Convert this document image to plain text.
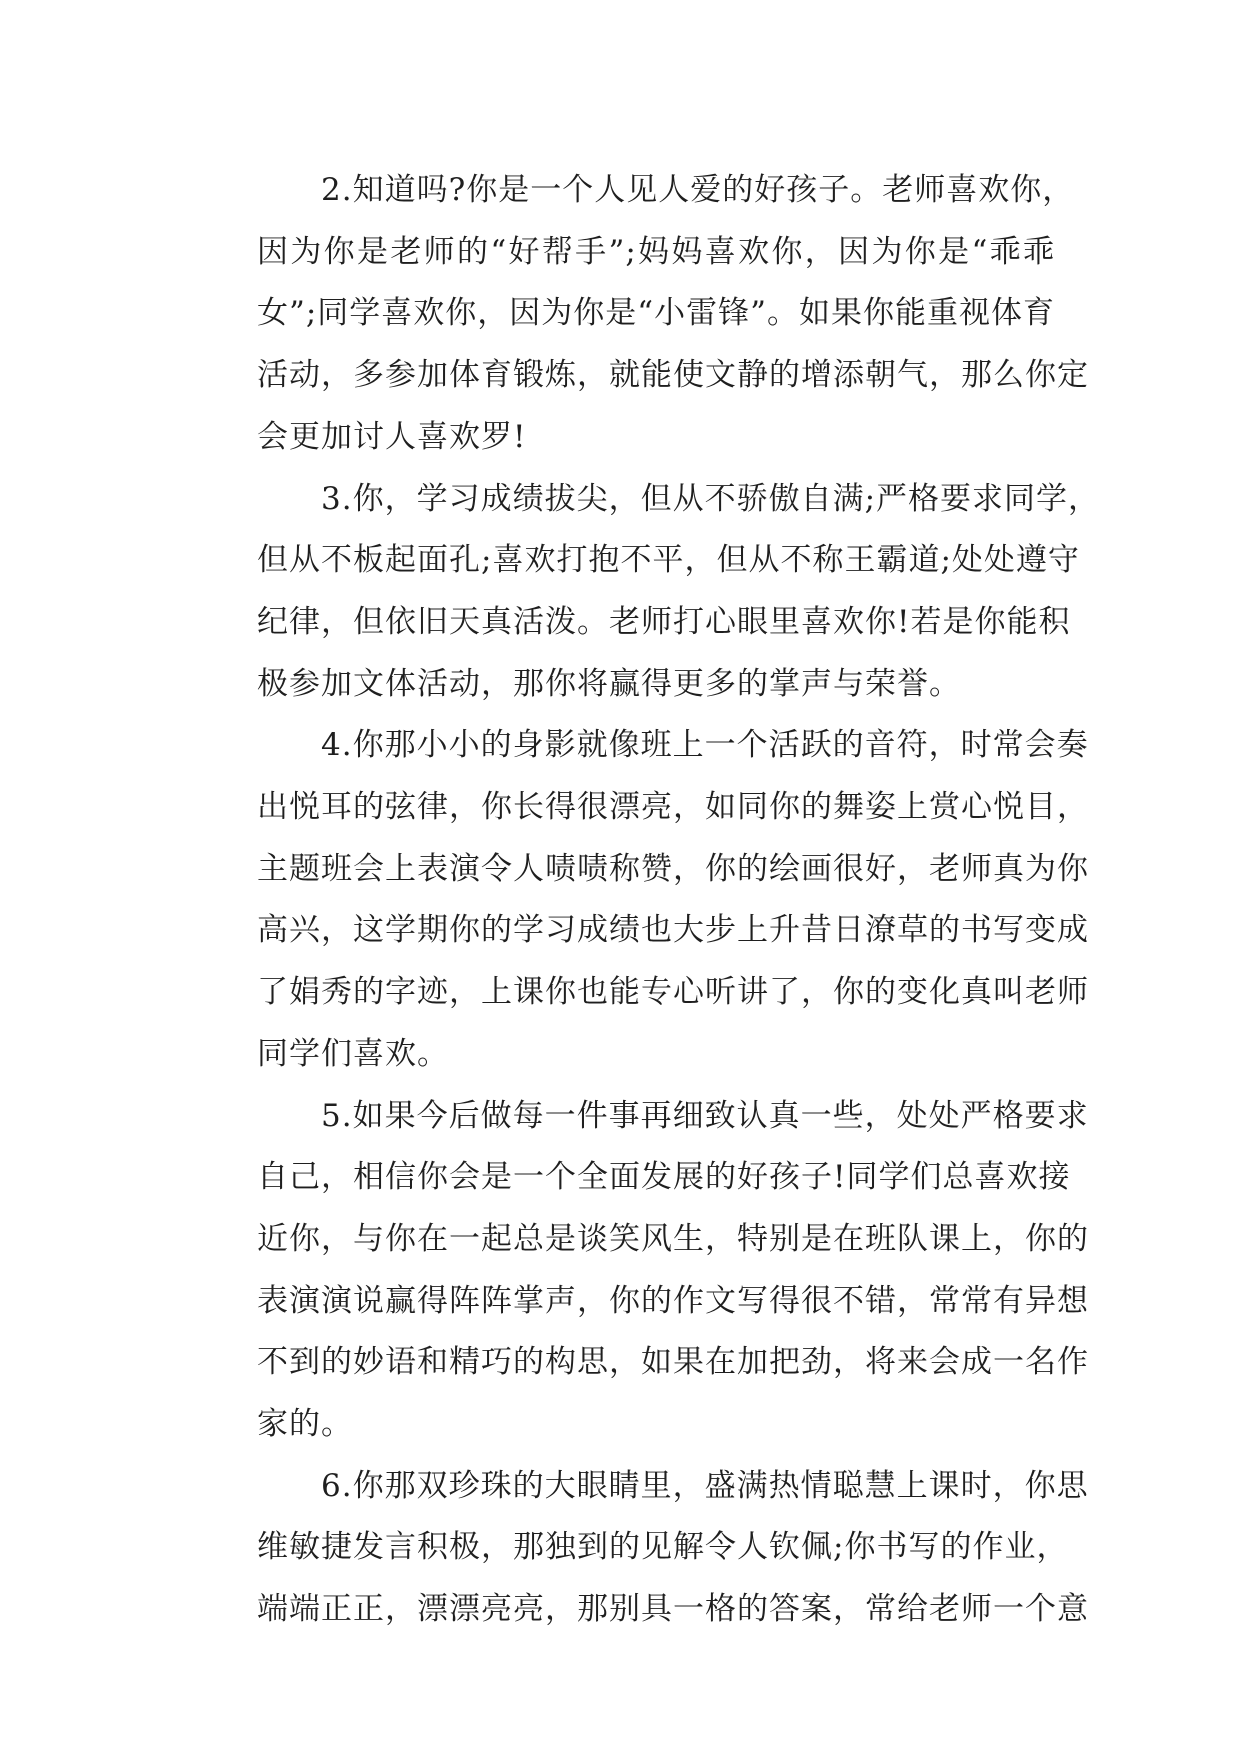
2.知道吗?你是一个人见人爱的好孩子。老师喜欢你，
因为你是老师的“好帮手”;妈妈喜欢你，因为你是“乖乖
女”;同学喜欢你，因为你是“小雷锋”。如果你能重视体育
活动，多参加体育锻炼，就能使文静的增添朝气，那么你定
会更加讨人喜欢罗!
3.你，学习成绩拔尖，但从不骄傲自满;严格要求同学，
但从不板起面孔;喜欢打抱不平，但从不称王霸道;处处遵守
纪律，但依旧天真活泼。老师打心眼里喜欢你!若是你能积
极参加文体活动，那你将赢得更多的掌声与荣誉。
4.你那小小的身影就像班上一个活跃的音符，时常会奏
出悦耳的弦律，你长得很漂亮，如同你的舞姿上赏心悦目，
主题班会上表演令人啧啧称赞，你的绘画很好，老师真为你
高兴，这学期你的学习成绩也大步上升昔日潦草的书写变成
了娟秀的字迹，上课你也能专心听讲了，你的变化真叫老师
同学们喜欢。
5.如果今后做每一件事再细致认真一些，处处严格要求
自己，相信你会是一个全面发展的好孩子!同学们总喜欢接
近你，与你在一起总是谈笑风生，特别是在班队课上，你的
表演演说赢得阵阵掌声，你的作文写得很不错，常常有异想
不到的妙语和精巧的构思，如果在加把劲，将来会成一名作
家的。
6.你那双珍珠的大眼睛里，盛满热情聪慧上课时，你思
维敏捷发言积极，那独到的见解令人钦佩;你书写的作业，
端端正正，漂漂亮亮，那别具一格的答案，常给老师一个意
